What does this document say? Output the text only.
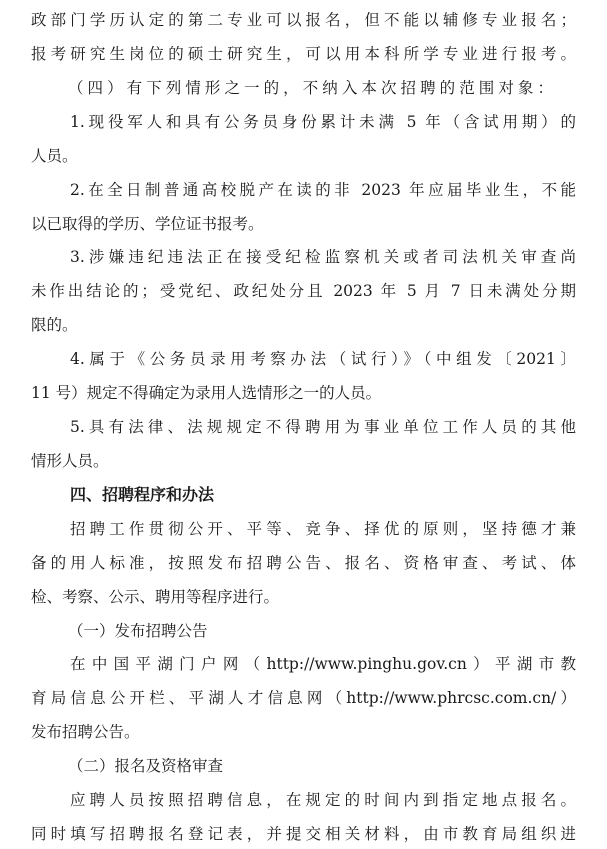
政部门学历认定的第二专业可以报名，但不能以辅修专业报名；
报考研究生岗位的硕士研究生，可以用本科所学专业进行报考。
（四）有下列情形之一的，不纳入本次招聘的范围对象：
1.现役军人和具有公务员身份累计未满 5 年（含试用期）的
人员。
2.在全日制普通高校脱产在读的非 2023 年应届毕业生，不能
以已取得的学历、学位证书报考。
3.涉嫌违纪违法正在接受纪检监察机关或者司法机关审查尚
未作出结论的；受党纪、政纪处分且 2023 年 5 月 7 日未满处分期
限的。
4.属于《公务员录用考察办法（试行）》（中组发〔2021〕
11 号）规定不得确定为录用人选情形之一的人员。
5.具有法律、法规规定不得聘用为事业单位工作人员的其他
情形人员。
四、招聘程序和办法
招聘工作贯彻公开、平等、竞争、择优的原则，坚持德才兼
备的用人标准，按照发布招聘公告、报名、资格审查、考试、体
检、考察、公示、聘用等程序进行。
（一）发布招聘公告
在中国平湖门户网（http://www.pinghu.gov.cn）平湖市教
育局信息公开栏、平湖人才信息网（http://www.phrcsc.com.cn/）
发布招聘公告。
（二）报名及资格审查
应聘人员按照招聘信息，在规定的时间内到指定地点报名。
同时填写招聘报名登记表，并提交相关材料，由市教育局组织进
